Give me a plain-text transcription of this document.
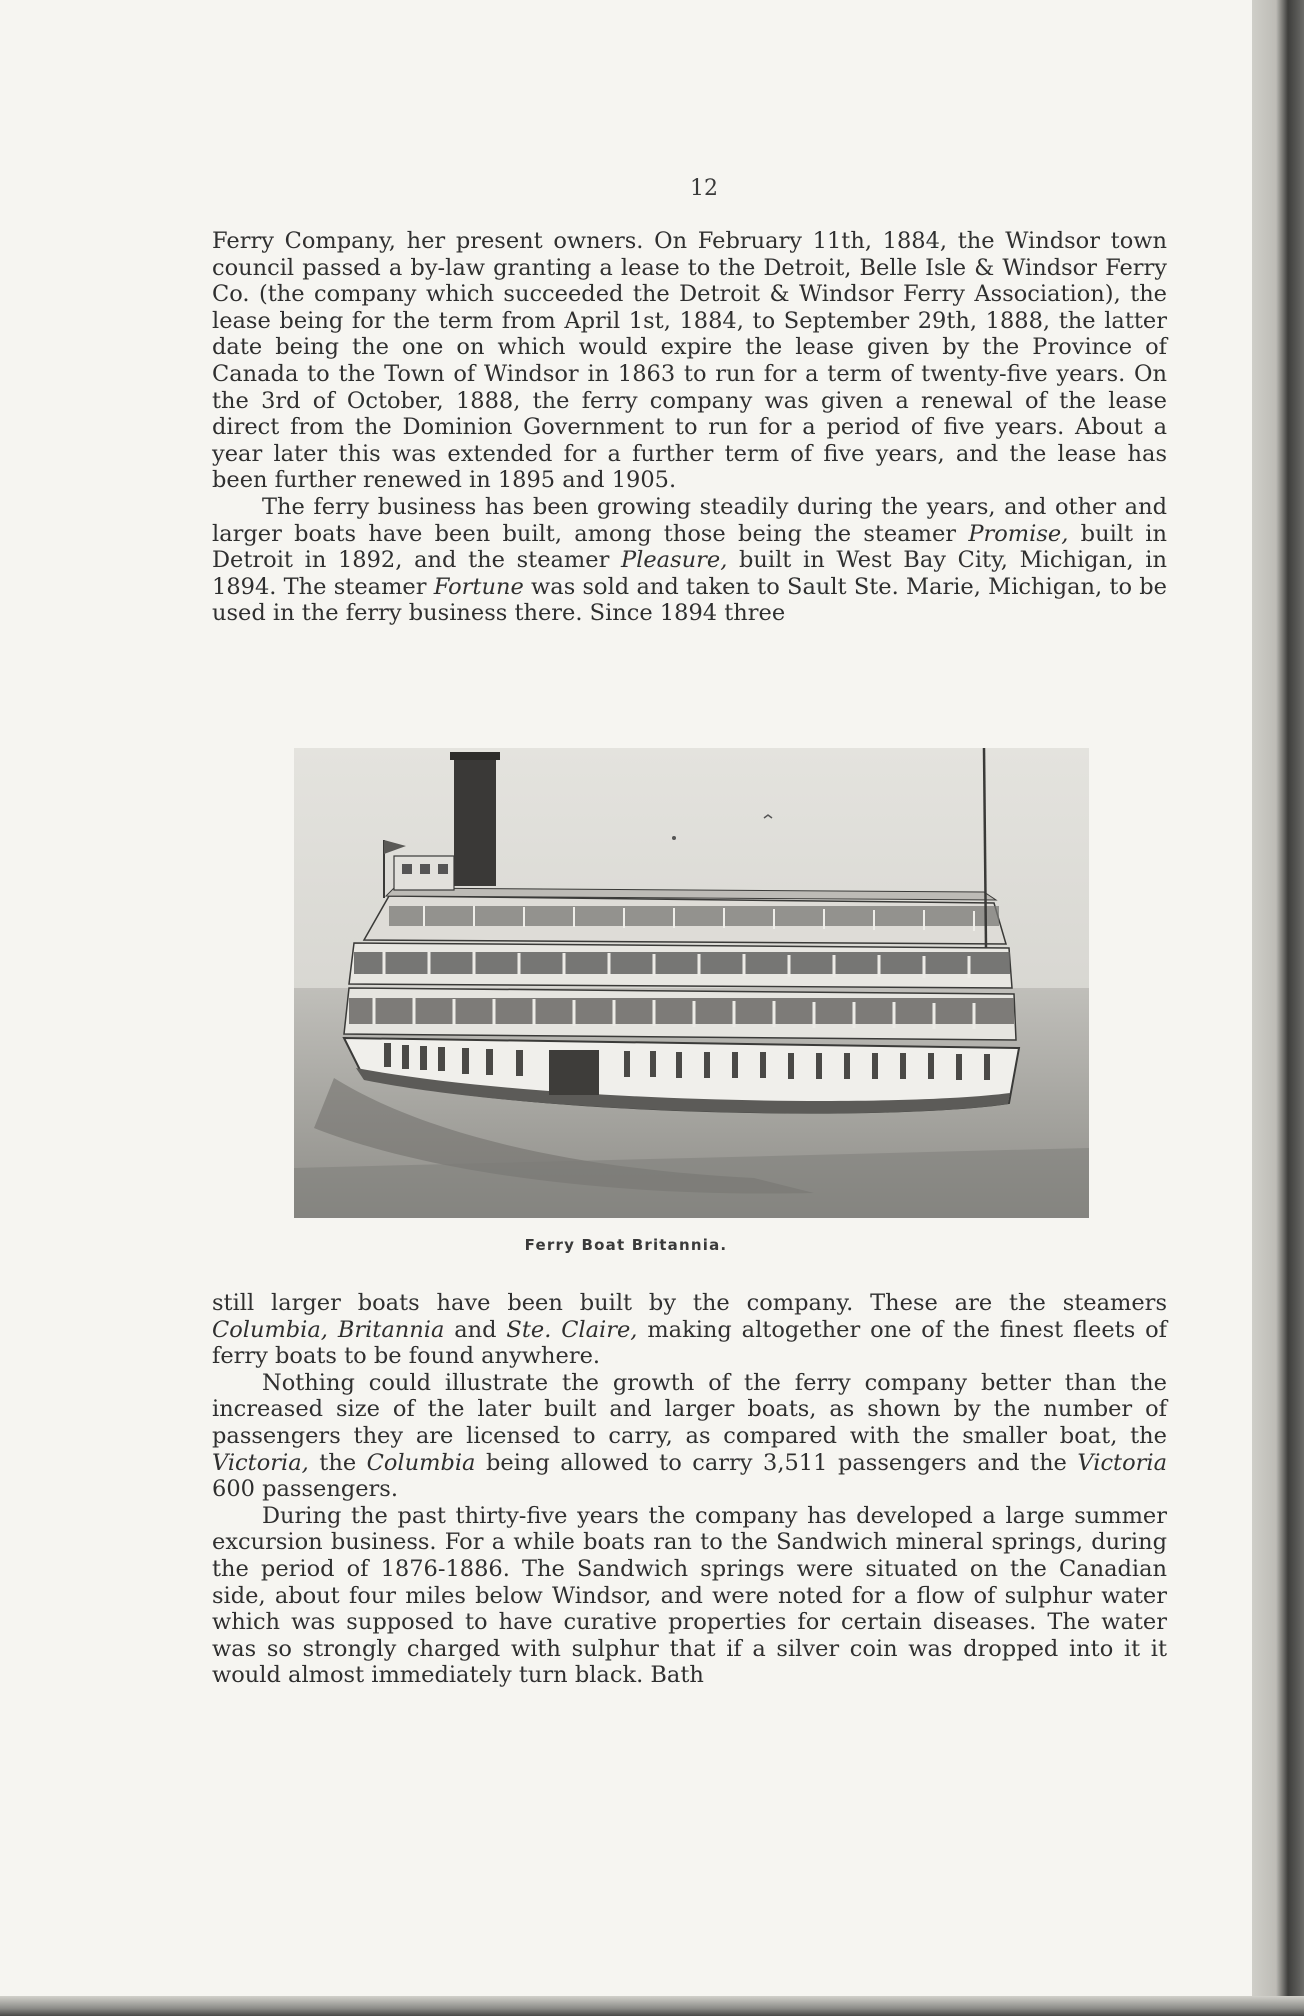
12

Ferry Company, her present owners. On February 11th, 1884, the Windsor town council passed a by-law granting a lease to the Detroit, Belle Isle & Windsor Ferry Co. (the company which succeeded the Detroit & Windsor Ferry Association), the lease being for the term from April 1st, 1884, to September 29th, 1888, the latter date being the one on which would expire the lease given by the Province of Canada to the Town of Windsor in 1863 to run for a term of twenty-five years. On the 3rd of October, 1888, the ferry company was given a renewal of the lease direct from the Dominion Government to run for a period of five years. About a year later this was extended for a further term of five years, and the lease has been further renewed in 1895 and 1905.

The ferry business has been growing steadily during the years, and other and larger boats have been built, among those being the steamer Promise, built in Detroit in 1892, and the steamer Pleasure, built in West Bay City, Michigan, in 1894. The steamer Fortune was sold and taken to Sault Ste. Marie, Michigan, to be used in the ferry business there. Since 1894 three

Ferry Boat Britannia.

still larger boats have been built by the company. These are the steamers Columbia, Britannia and Ste. Claire, making altogether one of the finest fleets of ferry boats to be found anywhere.

Nothing could illustrate the growth of the ferry company better than the increased size of the later built and larger boats, as shown by the number of passengers they are licensed to carry, as compared with the smaller boat, the Victoria, the Columbia being allowed to carry 3,511 passengers and the Victoria 600 passengers.

During the past thirty-five years the company has developed a large summer excursion business. For a while boats ran to the Sandwich mineral springs, during the period of 1876-1886. The Sandwich springs were situated on the Canadian side, about four miles below Windsor, and were noted for a flow of sulphur water which was supposed to have curative properties for certain diseases. The water was so strongly charged with sulphur that if a silver coin was dropped into it it would almost immediately turn black. Bath
